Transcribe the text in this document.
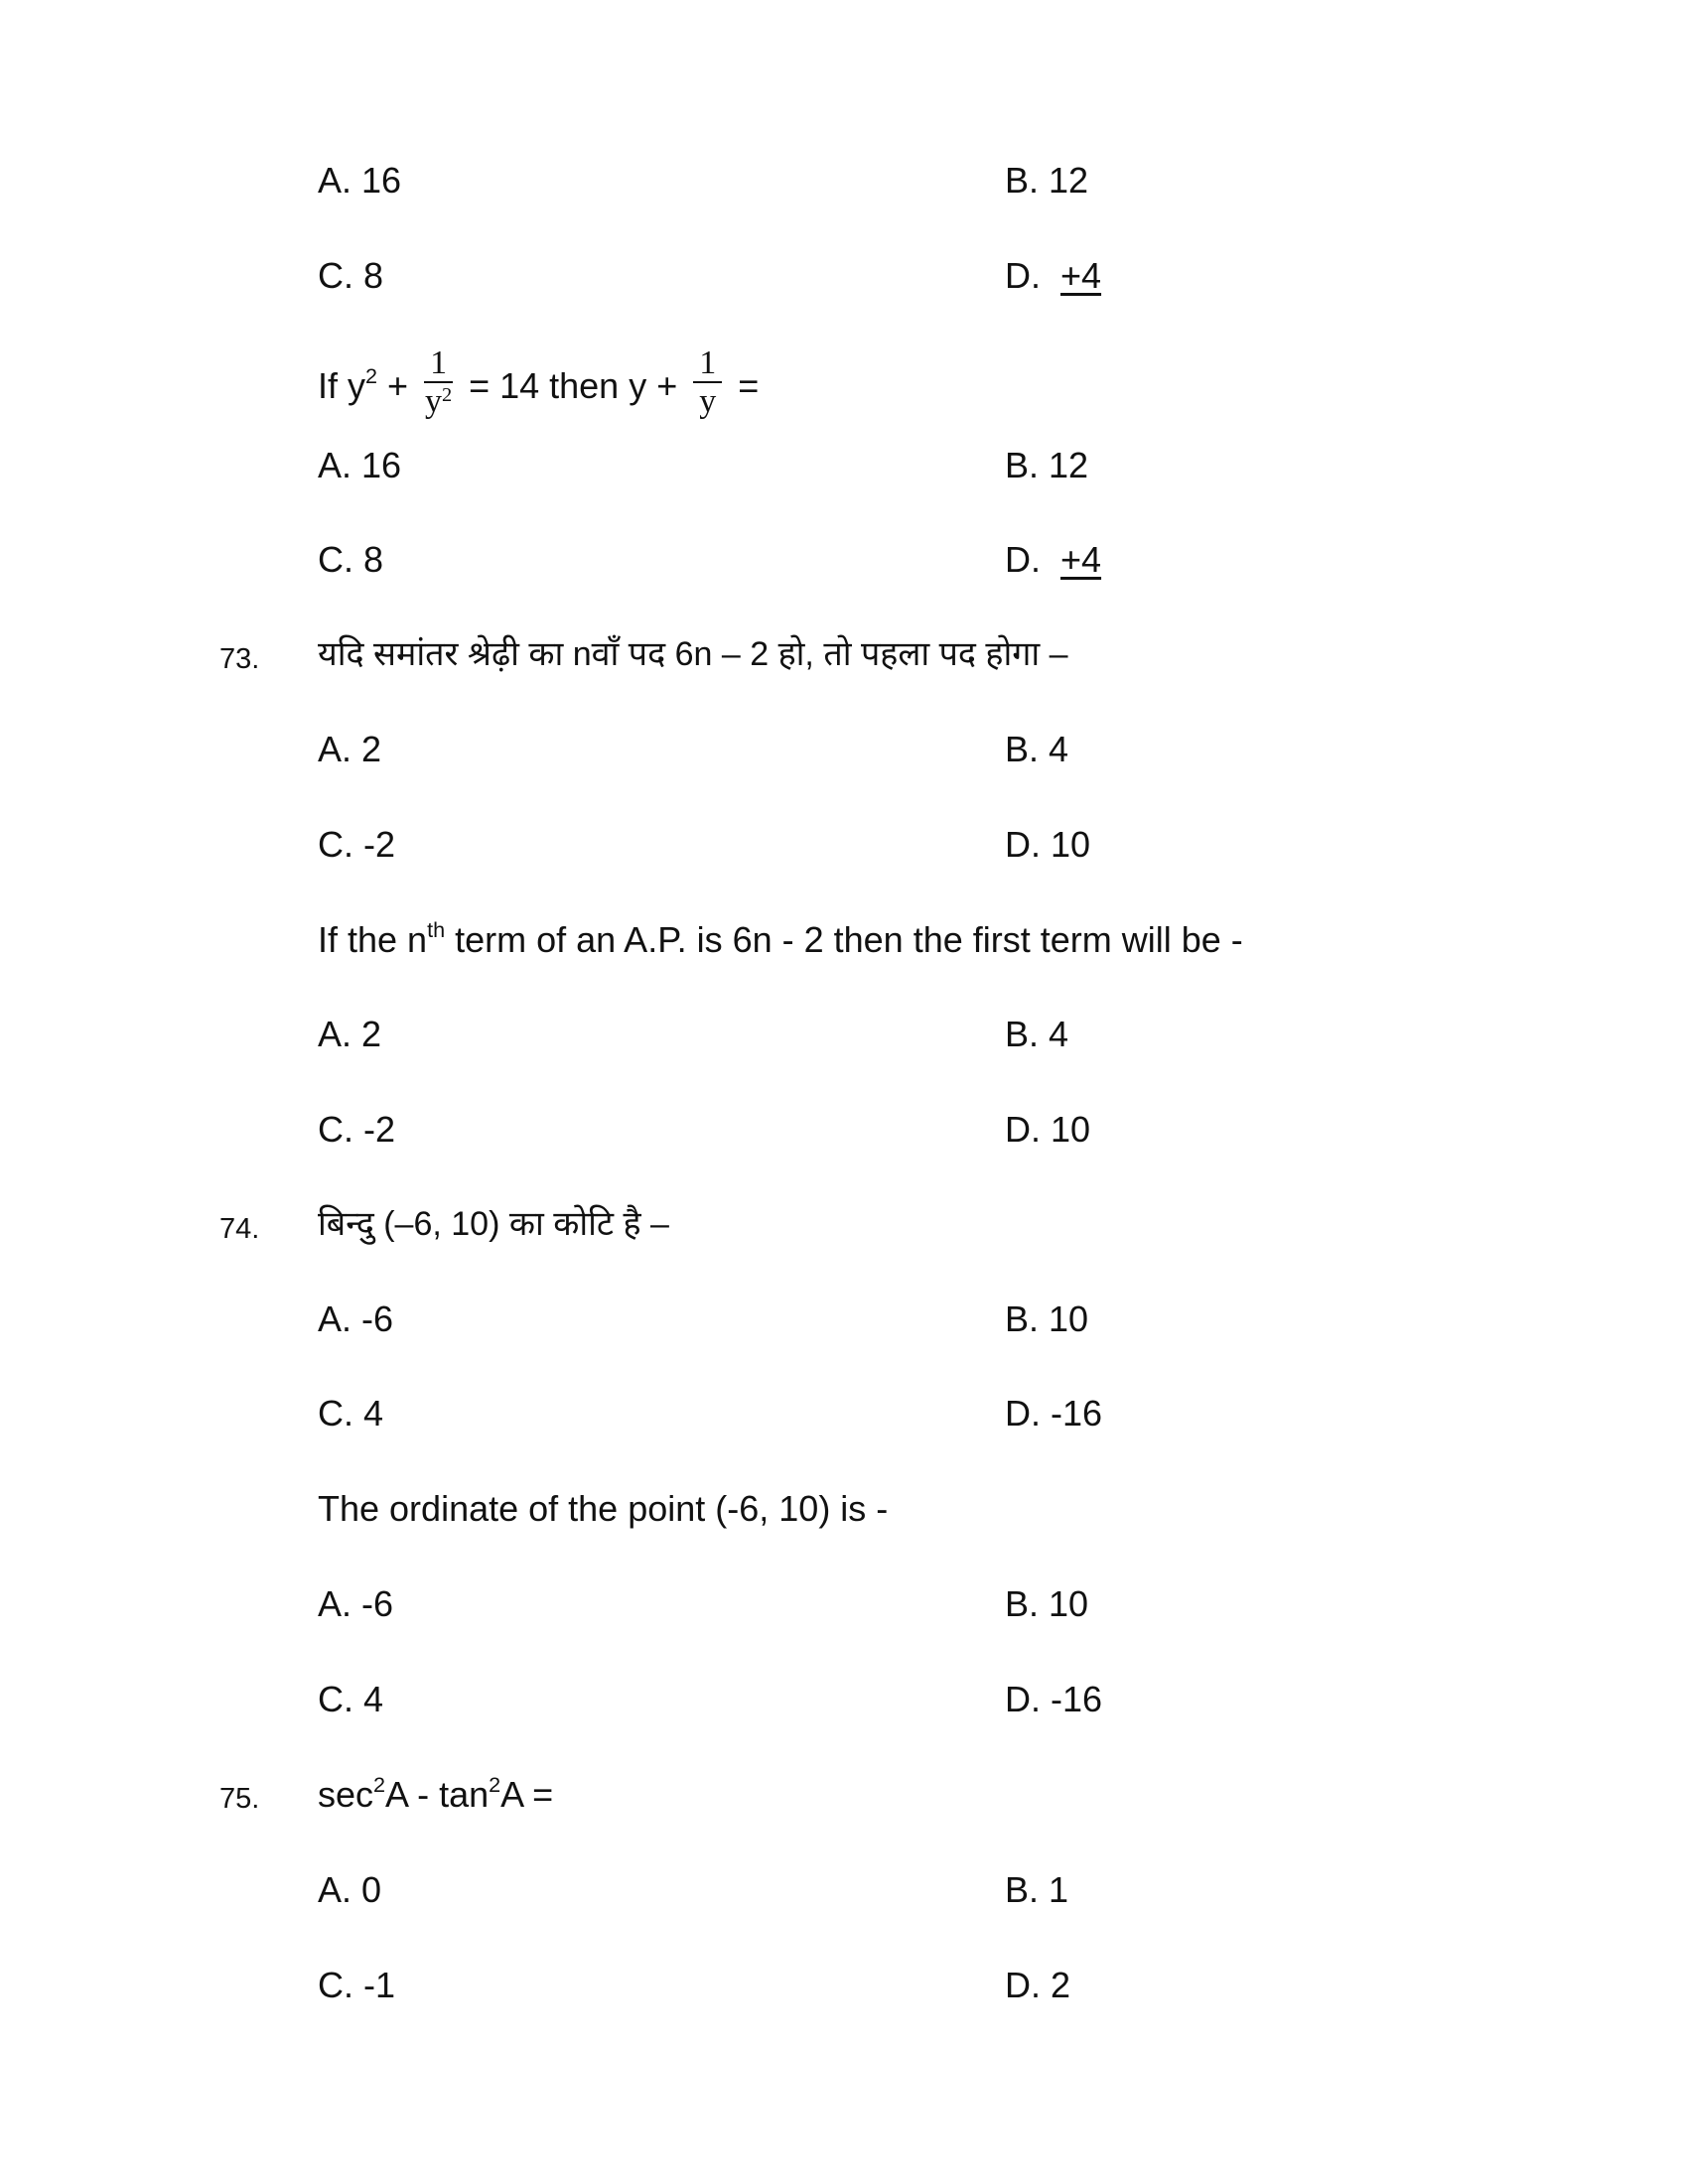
A. 16	B. 12
C. 8	D.  +4
If $y^2 + \frac{1}{y^2} = 14$ then $y + \frac{1}{y}$ =
A. 16	B. 12
C. 8	D.  +4
73. यदि समांतर श्रेढ़ी का nवाँ पद 6n – 2 हो, तो पहला पद होगा –
A. 2	B. 4
C. -2	D. 10
If the $n^{th}$ term of an A.P. is 6n - 2 then the first term will be -
A. 2	B. 4
C. -2	D. 10
74. बिन्दु (–6, 10) का कोटि है –
A. -6	B. 10
C. 4	D. -16
The ordinate of the point (-6, 10) is -
A. -6	B. 10
C. 4	D. -16
75. $\sec^2A - \tan^2A$ =
A. 0	B. 1
C. -1	D. 2
